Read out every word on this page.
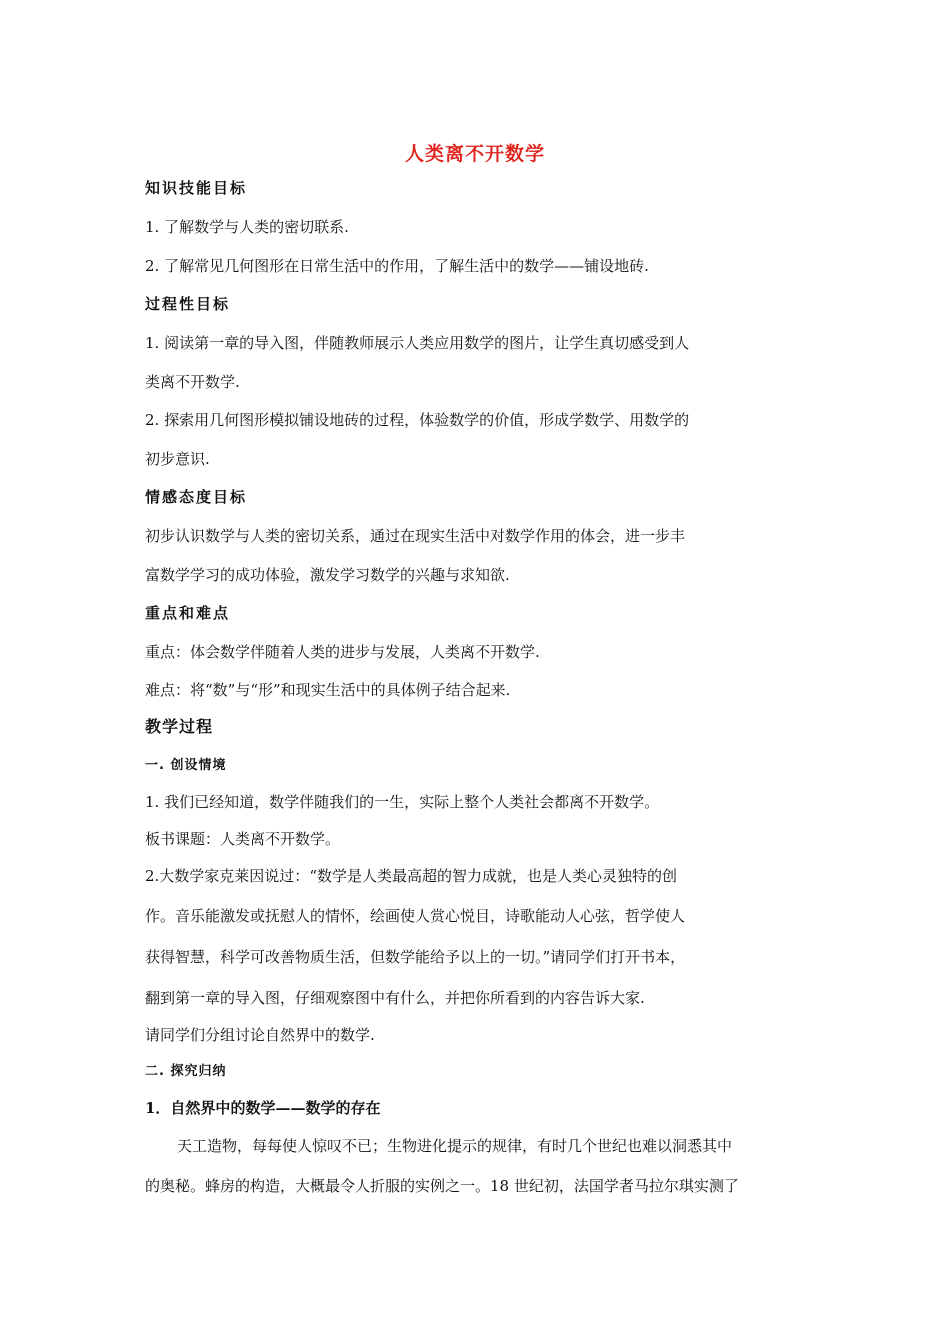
人类离不开数学
知识技能目标
1. 了解数学与人类的密切联系.
2. 了解常见几何图形在日常生活中的作用，了解生活中的数学——铺设地砖.
过程性目标
1. 阅读第一章的导入图，伴随教师展示人类应用数学的图片，让学生真切感受到人
类离不开数学.
2. 探索用几何图形模拟铺设地砖的过程，体验数学的价值，形成学数学、用数学的
初步意识.
情感态度目标
初步认识数学与人类的密切关系，通过在现实生活中对数学作用的体会，进一步丰
富数学学习的成功体验，激发学习数学的兴趣与求知欲.
重点和难点
重点：体会数学伴随着人类的进步与发展，人类离不开数学.
难点：将“数”与“形”和现实生活中的具体例子结合起来.
教学过程
一. 创设情境
1. 我们已经知道，数学伴随我们的一生，实际上整个人类社会都离不开数学。
板书课题：人类离不开数学。
2.大数学家克莱因说过：“数学是人类最高超的智力成就，也是人类心灵独特的创
作。音乐能激发或抚慰人的情怀，绘画使人赏心悦目，诗歌能动人心弦，哲学使人
获得智慧，科学可改善物质生活，但数学能给予以上的一切。”请同学们打开书本，
翻到第一章的导入图，仔细观察图中有什么，并把你所看到的内容告诉大家.
请同学们分组讨论自然界中的数学.
二. 探究归纳
1．自然界中的数学——数学的存在
天工造物，每每使人惊叹不已；生物进化提示的规律，有时几个世纪也难以洞悉其中
的奥秘。蜂房的构造，大概最令人折服的实例之一。18 世纪初，法国学者马拉尔琪实测了
